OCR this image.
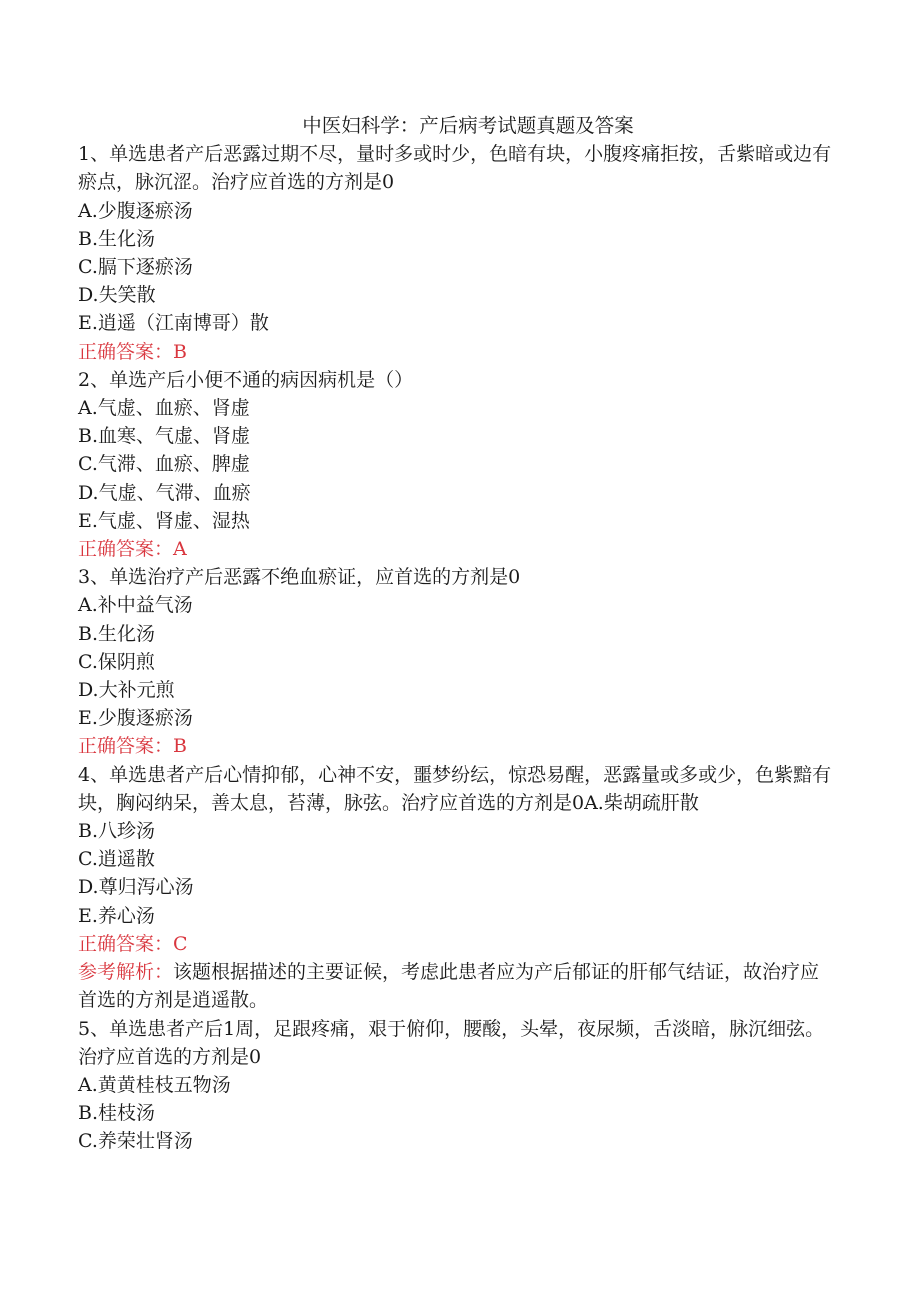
中医妇科学：产后病考试题真题及答案

1、单选患者产后恶露过期不尽，量时多或时少，色暗有块，小腹疼痛拒按，舌紫暗或边有瘀点，脉沉涩。治疗应首选的方剂是0

A.少腹逐瘀汤

B.生化汤

C.膈下逐瘀汤

D.失笑散

E.逍遥（江南博哥）散

正确答案：B

2、单选产后小便不通的病因病机是（）

A.气虚、血瘀、肾虚

B.血寒、气虚、肾虚

C.气滞、血瘀、脾虚

D.气虚、气滞、血瘀

E.气虚、肾虚、湿热

正确答案：A

3、单选治疗产后恶露不绝血瘀证，应首选的方剂是0

A.补中益气汤

B.生化汤

C.保阴煎

D.大补元煎

E.少腹逐瘀汤

正确答案：B

4、单选患者产后心情抑郁，心神不安，噩梦纷纭，惊恐易醒，恶露量或多或少，色紫黯有块，胸闷纳呆，善太息，苔薄，脉弦。治疗应首选的方剂是0A.柴胡疏肝散

B.八珍汤

C.逍遥散

D.尊归泻心汤

E.养心汤

正确答案：C

参考解析：该题根据描述的主要证候，考虑此患者应为产后郁证的肝郁气结证，故治疗应首选的方剂是逍遥散。

5、单选患者产后1周，足跟疼痛，艰于俯仰，腰酸，头晕，夜尿频，舌淡暗，脉沉细弦。治疗应首选的方剂是0

A.黄黄桂枝五物汤

B.桂枝汤

C.养荣壮肾汤
